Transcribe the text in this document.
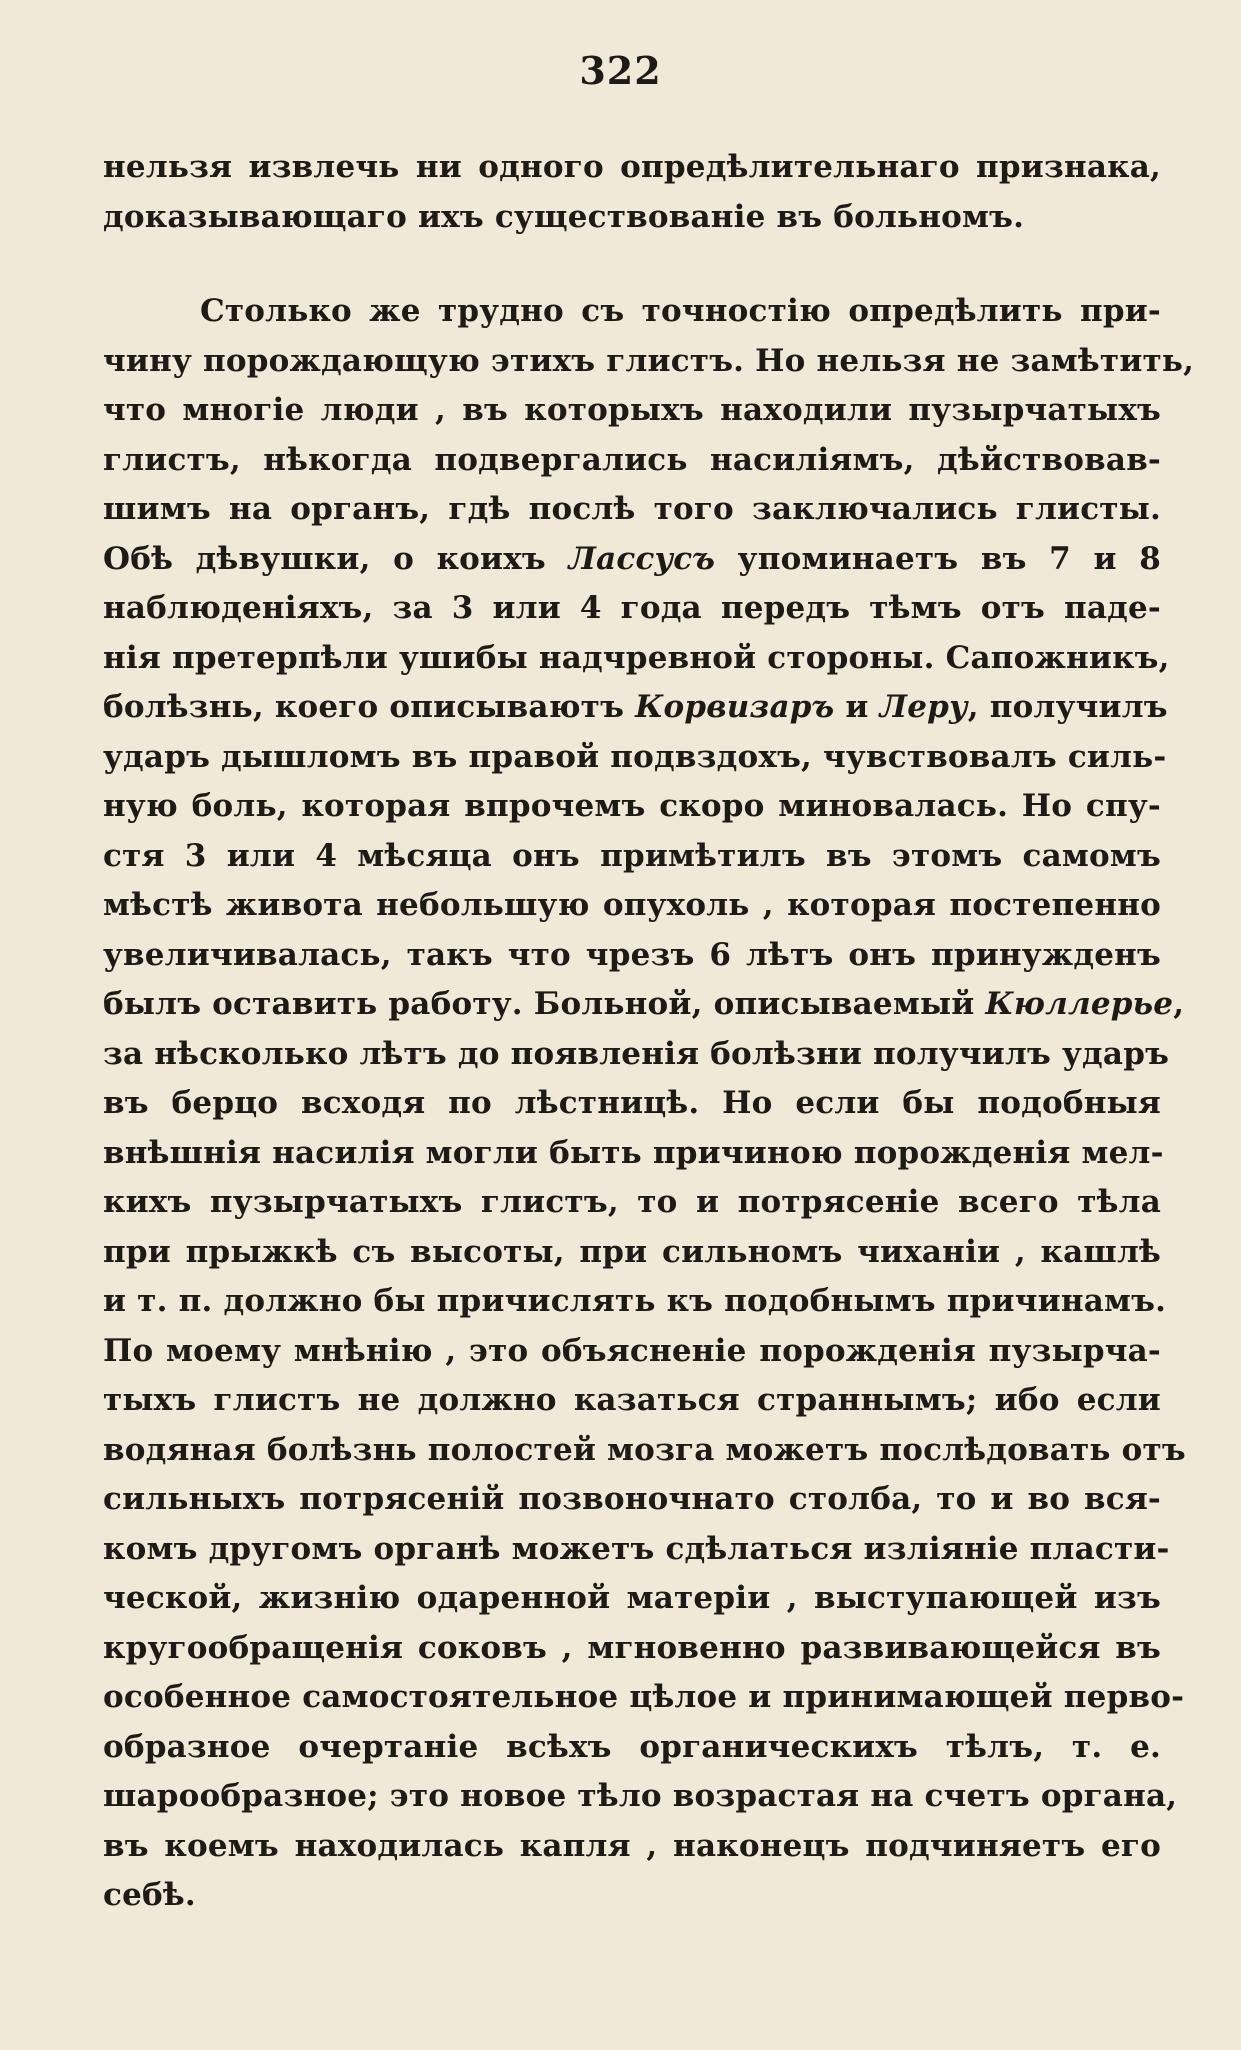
322
нельзя извлечь ни одного опредѣлительнаго признака,
доказывающаго ихъ существованіе въ больномъ.
Столько же трудно съ точностію опредѣлить при-
чину порождающую этихъ глистъ. Но нельзя не замѣтить,
что многіе люди , въ которыхъ находили пузырчатыхъ
глистъ, нѣкогда подвергались насиліямъ, дѣйствовав-
шимъ на органъ, гдѣ послѣ того заключались глисты.
Обѣ дѣвушки, о коихъ Лассусъ упоминаетъ въ 7 и 8
наблюденіяхъ, за 3 или 4 года передъ тѣмъ отъ паде-
нія претерпѣли ушибы надчревной стороны. Сапожникъ,
болѣзнь, коего описываютъ Корвизаръ и Леру, получилъ
ударъ дышломъ въ правой подвздохъ, чувствовалъ силь-
ную боль, которая впрочемъ скоро миновалась. Но спу-
стя 3 или 4 мѣсяца онъ примѣтилъ въ этомъ самомъ
мѣстѣ живота небольшую опухоль , которая постепенно
увеличивалась, такъ что чрезъ 6 лѣтъ онъ принужденъ
былъ оставить работу. Больной, описываемый Кюллерье,
за нѣсколько лѣтъ до появленія болѣзни получилъ ударъ
въ берцо всходя по лѣстницѣ. Но если бы подобныя
внѣшнія насилія могли быть причиною порожденія мел-
кихъ пузырчатыхъ глистъ, то и потрясеніе всего тѣла
при прыжкѣ съ высоты, при сильномъ чиханіи , кашлѣ
и т. п. должно бы причислять къ подобнымъ причинамъ.
По моему мнѣнію , это объясненіе порожденія пузырча-
тыхъ глистъ не должно казаться страннымъ; ибо если
водяная болѣзнь полостей мозга можетъ послѣдовать отъ
сильныхъ потрясеній позвоночнато столба, то и во вся-
комъ другомъ органѣ можетъ сдѣлаться изліяніе пласти-
ческой, жизнію одаренной матеріи , выступающей изъ
кругообращенія соковъ , мгновенно развивающейся въ
особенное самостоятельное цѣлое и принимающей перво-
образное очертаніе всѣхъ органическихъ тѣлъ, т. е.
шарообразное; это новое тѣло возрастая на счетъ органа,
въ коемъ находилась капля , наконецъ подчиняетъ его
себѣ.
